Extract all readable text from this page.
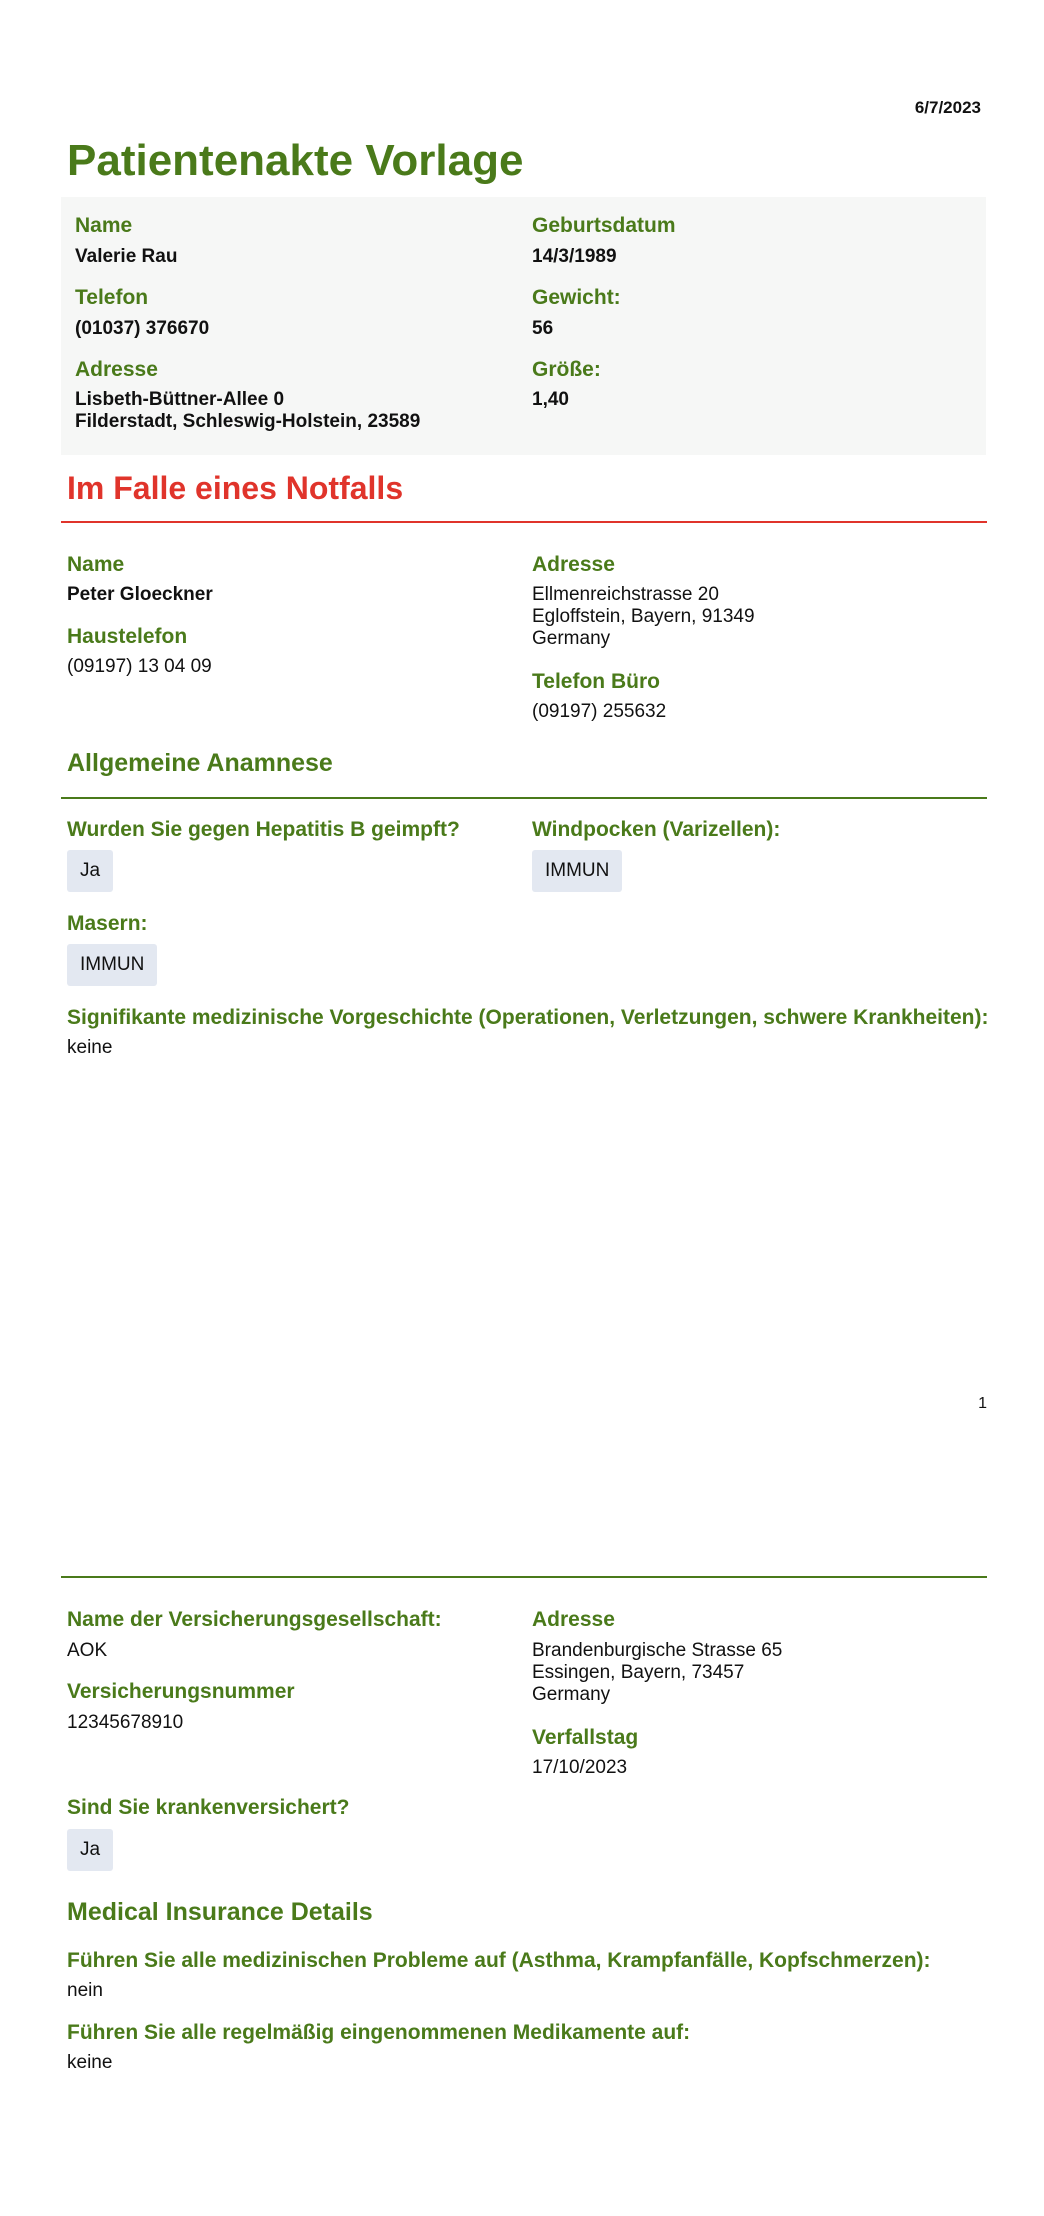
6/7/2023
Patientenakte Vorlage
Name
Valerie Rau
Geburtsdatum
14/3/1989
Telefon
(01037) 376670
Gewicht:
56
Adresse
Lisbeth-Büttner-Allee 0
Filderstadt, Schleswig-Holstein, 23589
Größe:
1,40
Im Falle eines Notfalls
Name
Peter Gloeckner
Haustelefon
(09197) 13 04 09
Adresse
Ellmenreichstrasse 20
Egloffstein, Bayern, 91349
Germany
Telefon Büro
(09197) 255632
Allgemeine Anamnese
Wurden Sie gegen Hepatitis B geimpft?
Ja
Windpocken (Varizellen):
IMMUN
Masern:
IMMUN
Signifikante medizinische Vorgeschichte (Operationen, Verletzungen, schwere Krankheiten):
keine
1
Name der Versicherungsgesellschaft:
AOK
Versicherungsnummer
12345678910
Adresse
Brandenburgische Strasse 65
Essingen, Bayern, 73457
Germany
Verfallstag
17/10/2023
Sind Sie krankenversichert?
Ja
Medical Insurance Details
Führen Sie alle medizinischen Probleme auf (Asthma, Krampfanfälle, Kopfschmerzen):
nein
Führen Sie alle regelmäßig eingenommenen Medikamente auf:
keine
